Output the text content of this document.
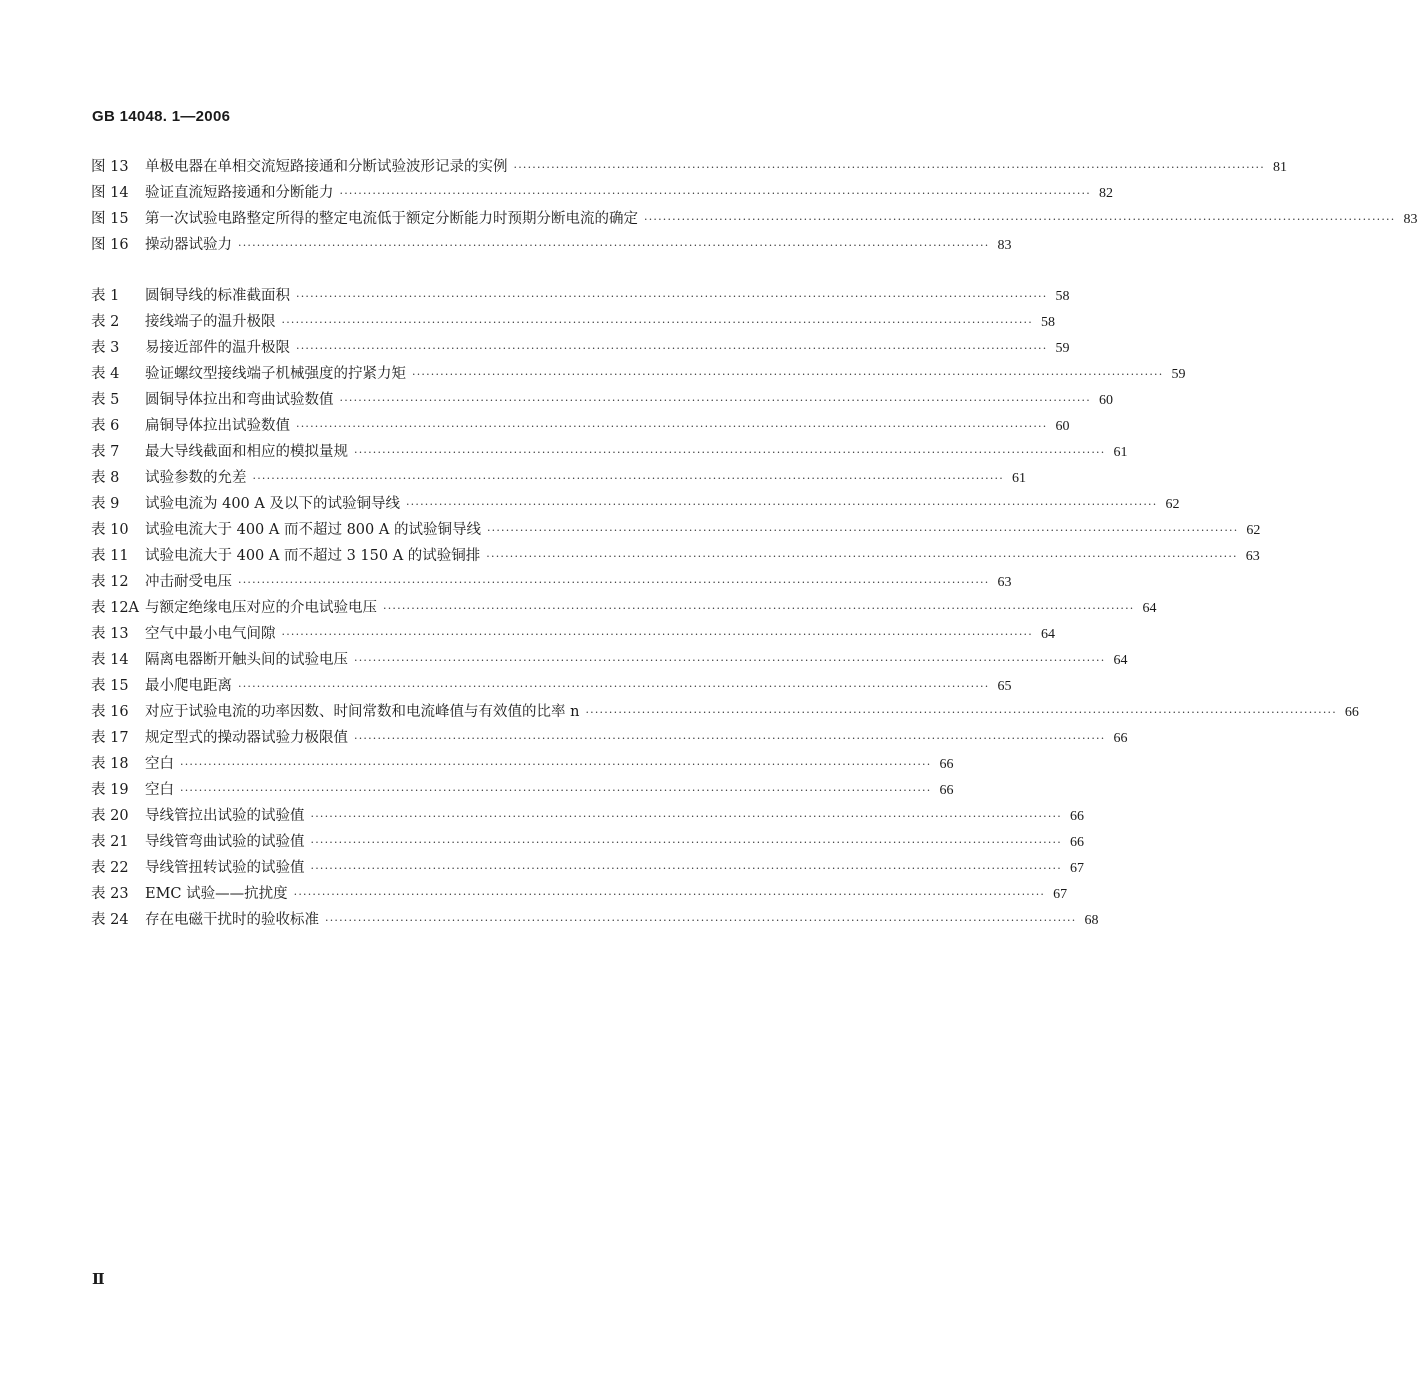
GB 14048. 1—2006
图 13	单极电器在单相交流短路接通和分断试验波形记录的实例 ·····	81
图 14	验证直流短路接通和分断能力 ·····	82
图 15	第一次试验电路整定所得的整定电流低于额定分断能力时预期分断电流的确定 ·····	83
图 16	操动器试验力 ·····	83
表 1	圆铜导线的标准截面积 ·····	58
表 2	接线端子的温升极限 ·····	58
表 3	易接近部件的温升极限 ·····	59
表 4	验证螺纹型接线端子机械强度的拧紧力矩 ·····	59
表 5	圆铜导体拉出和弯曲试验数值 ·····	60
表 6	扁铜导体拉出试验数值 ·····	60
表 7	最大导线截面和相应的模拟量规 ·····	61
表 8	试验参数的允差 ·····	61
表 9	试验电流为 400 A 及以下的试验铜导线 ·····	62
表 10	试验电流大于 400 A 而不超过 800 A 的试验铜导线 ·····	62
表 11	试验电流大于 400 A 而不超过 3 150 A 的试验铜排 ·····	63
表 12	冲击耐受电压 ·····	63
表 12A 与额定绝缘电压对应的介电试验电压 ·····	64
表 13	空气中最小电气间隙 ·····	64
表 14	隔离电器断开触头间的试验电压 ·····	64
表 15	最小爬电距离 ·····	65
表 16	对应于试验电流的功率因数、时间常数和电流峰值与有效值的比率 n ·····	66
表 17	规定型式的操动器试验力极限值 ·····	66
表 18	空白 ·····	66
表 19	空白 ·····	66
表 20	导线管拉出试验的试验值 ·····	66
表 21	导线管弯曲试验的试验值 ·····	66
表 22	导线管扭转试验的试验值 ·····	67
表 23	EMC 试验——抗扰度 ·····	67
表 24	存在电磁干扰时的验收标准 ·····	68
Ⅱ
